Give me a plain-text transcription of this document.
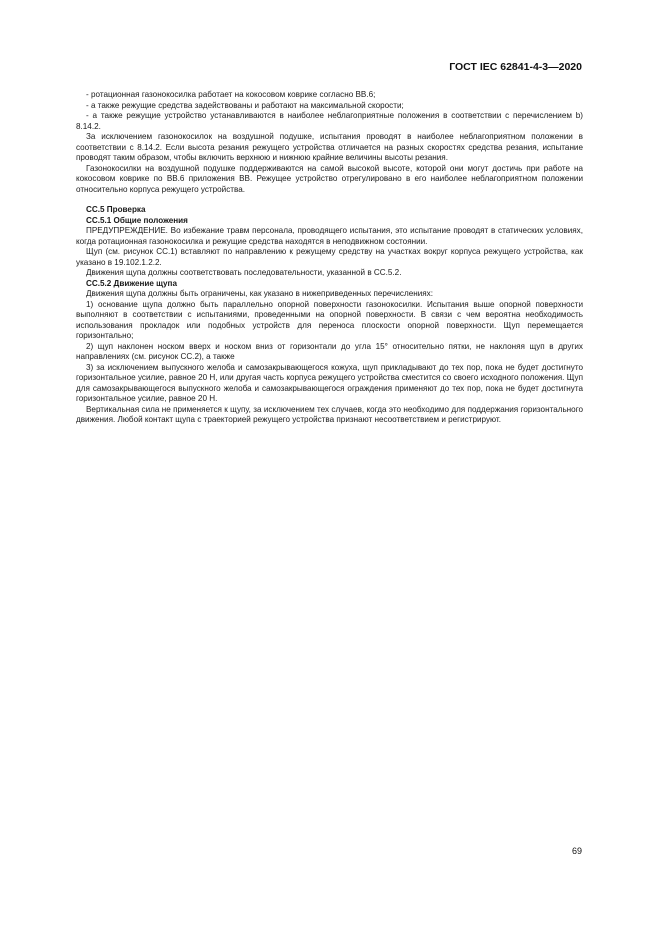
ГОСТ IEC 62841-4-3—2020

- ротационная газонокосилка работает на кокосовом коврике согласно ВВ.6;

- а также режущие средства задействованы и работают на максимальной скорости;

- а также режущие устройство устанавливаются в наиболее неблагоприятные положения в соответствии с перечислением b) 8.14.2.

За исключением газонокосилок на воздушной подушке, испытания проводят в наиболее неблагоприятном положении в соответствии с 8.14.2. Если высота резания режущего устройства отличается на разных скоростях средства резания, испытание проводят таким образом, чтобы включить верхнюю и нижнюю крайние величины высоты резания.

Газонокосилки на воздушной подушке поддерживаются на самой высокой высоте, которой они могут достичь при работе на кокосовом коврике по ВВ.6 приложения ВВ. Режущее устройство отрегулировано в его наиболее неблагоприятном положении относительно корпуса режущего устройства.

СС.5 Проверка

СС.5.1 Общие положения

ПРЕДУПРЕЖДЕНИЕ. Во избежание травм персонала, проводящего испытания, это испытание проводят в статических условиях, когда ротационная газонокосилка и режущие средства находятся в неподвижном состоянии.

Щуп (см. рисунок СС.1) вставляют по направлению к режущему средству на участках вокруг корпуса режущего устройства, как указано в 19.102.1.2.2.

Движения щупа должны соответствовать последовательности, указанной в СС.5.2.

СС.5.2 Движение щупа

Движения щупа должны быть ограничены, как указано в нижеприведенных перечислениях:

1) основание щупа должно быть параллельно опорной поверхности газонокосилки. Испытания выше опорной поверхности выполняют в соответствии с испытаниями, проведенными на опорной поверхности. В связи с чем вероятна необходимость использования прокладок или подобных устройств для переноса плоскости опорной поверхности. Щуп перемещается горизонтально;

2) щуп наклонен носком вверх и носком вниз от горизонтали до угла 15° относительно пятки, не наклоняя щуп в других направлениях (см. рисунок СС.2), а также

3) за исключением выпускного желоба и самозакрывающегося кожуха, щуп прикладывают до тех пор, пока не будет достигнуто горизонтальное усилие, равное 20 Н, или другая часть корпуса режущего устройства сместится со своего исходного положения. Щуп для самозакрывающегося выпускного желоба и самозакрывающегося ограждения применяют до тех пор, пока не будет достигнута горизонтальное усилие, равное 20 Н.

Вертикальная сила не применяется к щупу, за исключением тех случаев, когда это необходимо для поддержания горизонтального движения. Любой контакт щупа с траекторией режущего устройства признают несоответствием и регистрируют.

69
